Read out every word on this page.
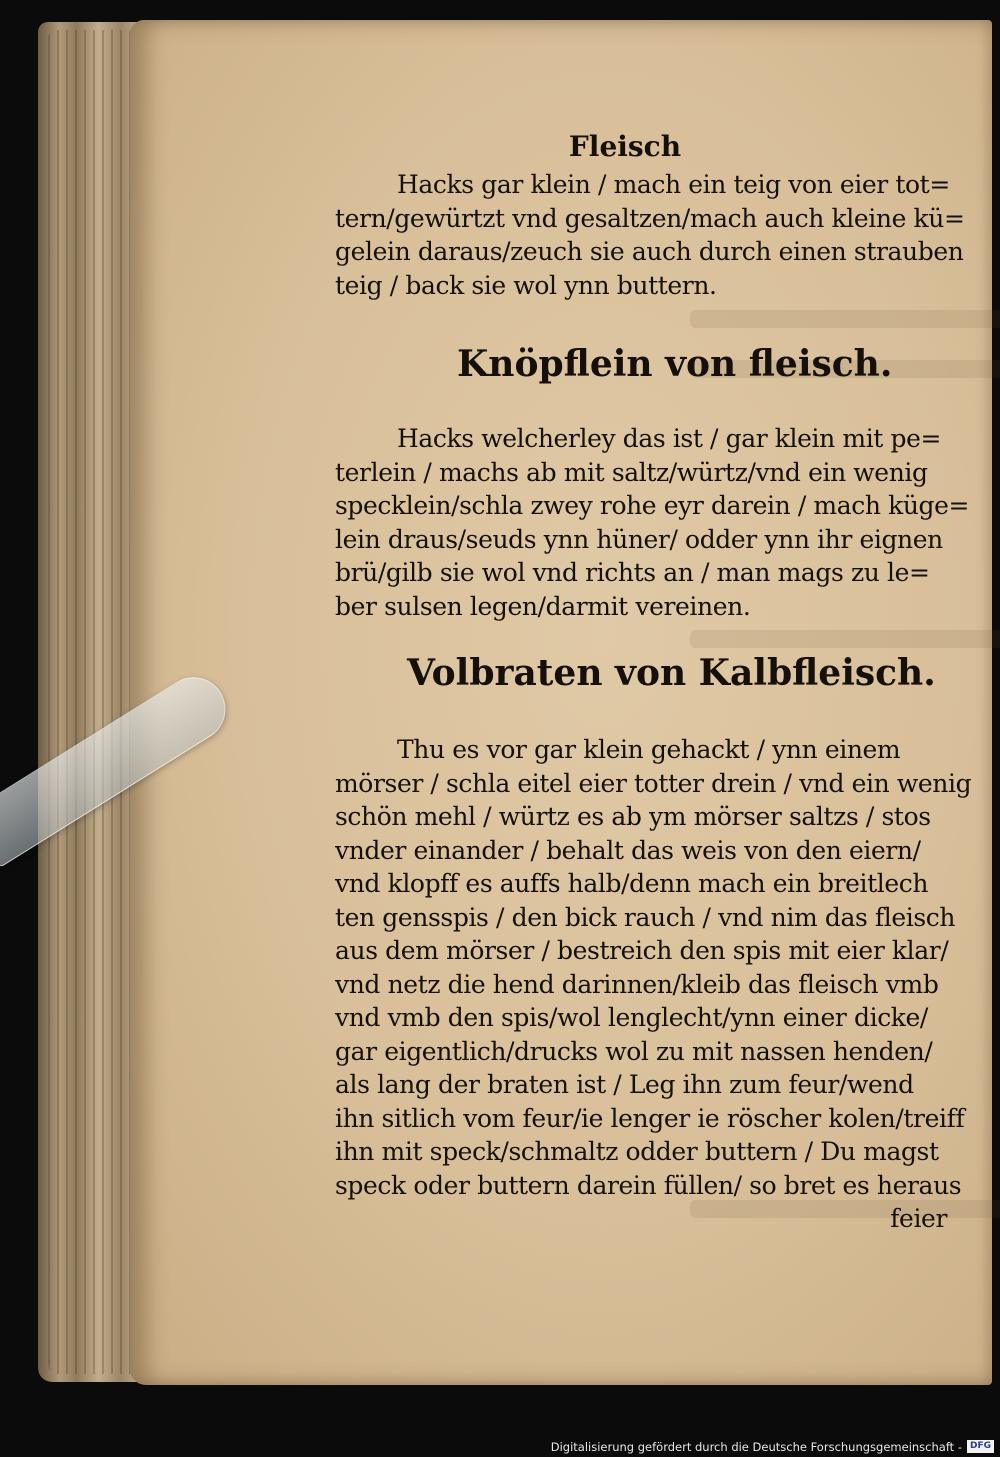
Fleisch
Hacks gar klein / mach ein teig von eier tot=
tern/gewürtzt vnd gesaltzen/mach auch kleine kü=
gelein daraus/zeuch sie auch durch einen strauben
teig / back sie wol ynn buttern.
Knöpflein von fleisch.
Hacks welcherley das ist / gar klein mit pe=
terlein / machs ab mit saltz/würtz/vnd ein wenig
specklein/schla zwey rohe eyr darein / mach küge=
lein draus/seuds ynn hüner/ odder ynn ihr eignen
brü/gilb sie wol vnd richts an / man mags zu le=
ber sulsen legen/darmit vereinen.
Volbraten von Kalbfleisch.
Thu es vor gar klein gehackt / ynn einem
mörser / schla eitel eier totter drein / vnd ein wenig
schön mehl / würtz es ab ym mörser saltzs / stos
vnder einander / behalt das weis von den eiern/
vnd klopff es auffs halb/denn mach ein breitlech
ten gensspis / den bick rauch / vnd nim das fleisch
aus dem mörser / bestreich den spis mit eier klar/
vnd netz die hend darinnen/kleib das fleisch vmb
vnd vmb den spis/wol lenglecht/ynn einer dicke/
gar eigentlich/drucks wol zu mit nassen henden/
als lang der braten ist / Leg ihn zum feur/wend
ihn sitlich vom feur/ie lenger ie röscher kolen/treiff
ihn mit speck/schmaltz odder buttern / Du magst
speck oder buttern darein füllen/ so bret es heraus
feier
Digitalisierung gefördert durch die Deutsche Forschungsgemeinschaft - DFG
